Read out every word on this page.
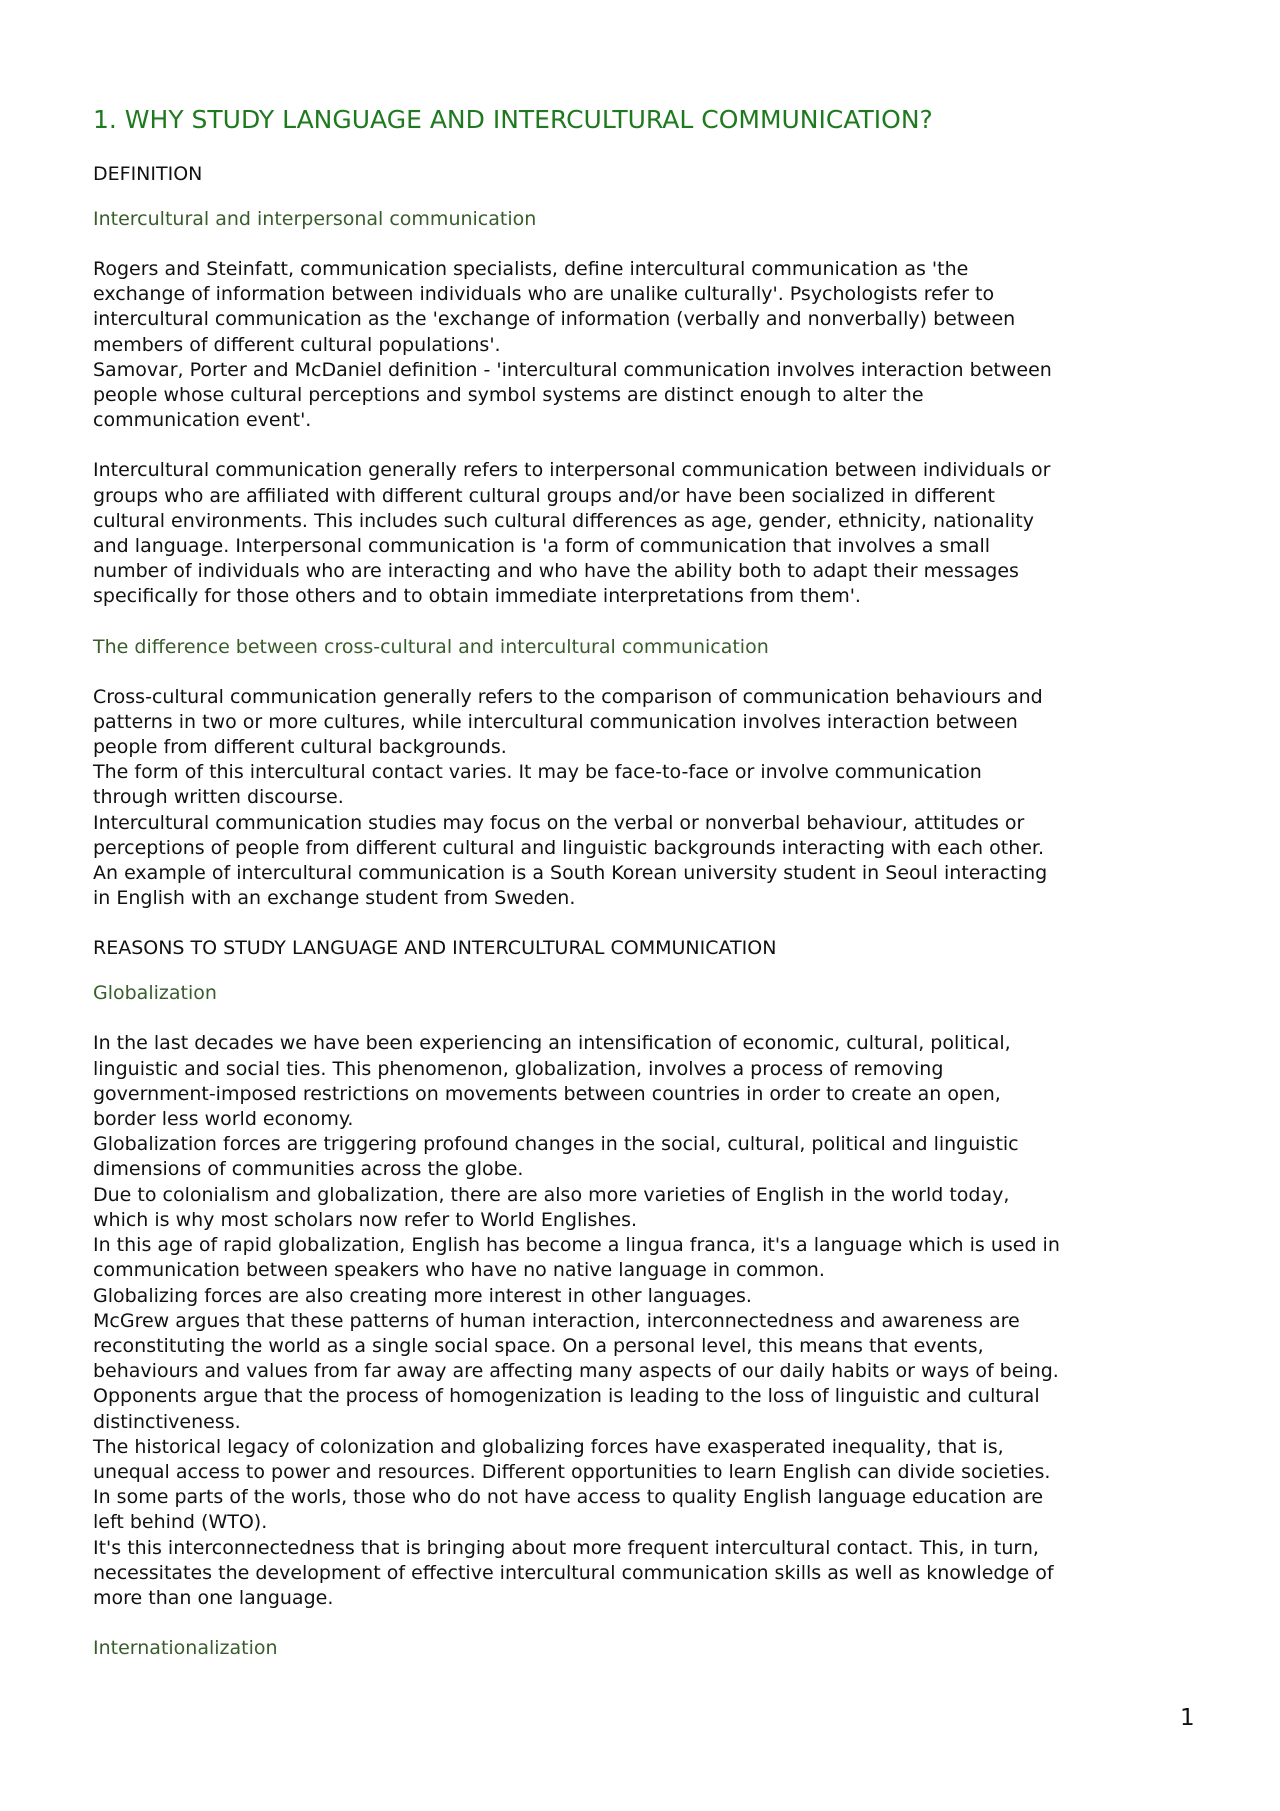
1. WHY STUDY LANGUAGE AND INTERCULTURAL COMMUNICATION?
DEFINITION
Intercultural and interpersonal communication
Rogers and Steinfatt, communication specialists, define intercultural communication as 'the
exchange of information between individuals who are unalike culturally'. Psychologists refer to
intercultural communication as the 'exchange of information (verbally and nonverbally) between
members of different cultural populations'.
Samovar, Porter and McDaniel definition - 'intercultural communication involves interaction between
people whose cultural perceptions and symbol systems are distinct enough to alter the
communication event'.
Intercultural communication generally refers to interpersonal communication between individuals or
groups who are affiliated with different cultural groups and/or have been socialized in different
cultural environments. This includes such cultural differences as age, gender, ethnicity, nationality
and language. Interpersonal communication is 'a form of communication that involves a small
number of individuals who are interacting and who have the ability both to adapt their messages
specifically for those others and to obtain immediate interpretations from them'.
The difference between cross-cultural and intercultural communication
Cross-cultural communication generally refers to the comparison of communication behaviours and
patterns in two or more cultures, while intercultural communication involves interaction between
people from different cultural backgrounds.
The form of this intercultural contact varies. It may be face-to-face or involve communication
through written discourse.
Intercultural communication studies may focus on the verbal or nonverbal behaviour, attitudes or
perceptions of people from different cultural and linguistic backgrounds interacting with each other.
An example of intercultural communication is a South Korean university student in Seoul interacting
in English with an exchange student from Sweden.
REASONS TO STUDY LANGUAGE AND INTERCULTURAL COMMUNICATION
Globalization
In the last decades we have been experiencing an intensification of economic, cultural, political,
linguistic and social ties. This phenomenon, globalization, involves a process of removing
government-imposed restrictions on movements between countries in order to create an open,
border less world economy.
Globalization forces are triggering profound changes in the social, cultural, political and linguistic
dimensions of communities across the globe.
Due to colonialism and globalization, there are also more varieties of English in the world today,
which is why most scholars now refer to World Englishes.
In this age of rapid globalization, English has become a lingua franca, it's a language which is used in
communication between speakers who have no native language in common.
Globalizing forces are also creating more interest in other languages.
McGrew argues that these patterns of human interaction, interconnectedness and awareness are
reconstituting the world as a single social space. On a personal level, this means that events,
behaviours and values from far away are affecting many aspects of our daily habits or ways of being.
Opponents argue that the process of homogenization is leading to the loss of linguistic and cultural
distinctiveness.
The historical legacy of colonization and globalizing forces have exasperated inequality, that is,
unequal access to power and resources. Different opportunities to learn English can divide societies.
In some parts of the worls, those who do not have access to quality English language education are
left behind (WTO).
It's this interconnectedness that is bringing about more frequent intercultural contact. This, in turn,
necessitates the development of effective intercultural communication skills as well as knowledge of
more than one language.
Internationalization
1
